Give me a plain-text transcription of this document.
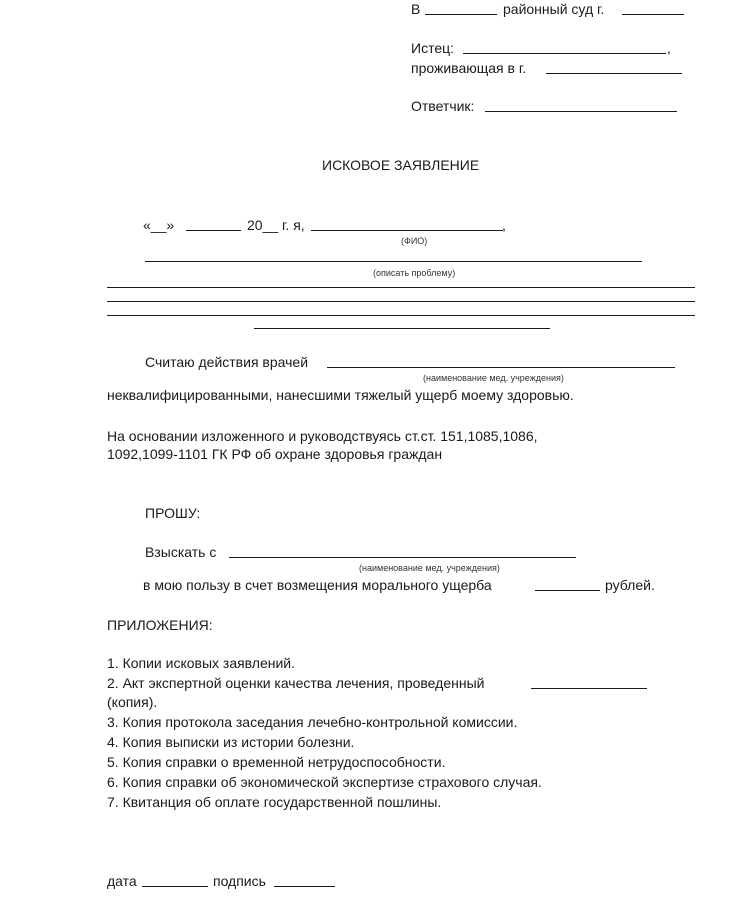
В	районный суд г.
Истец:	,
проживающая в г.
Ответчик:
ИСКОВОЕ ЗАЯВЛЕНИЕ
«__»	20__ г. я,	,
(ФИО)
(описать проблему)
Считаю действия врачей
(наименование мед. учреждения)
неквалифицированными, нанесшими тяжелый ущерб моему здоровью.
На основании изложенного и руководствуясь ст.ст. 151,1085,1086,
1092,1099-1101 ГК РФ об охране здоровья граждан
ПРОШУ:
Взыскать с
(наименование мед. учреждения)
в мою пользу в счет возмещения морального ущерба	рублей.
ПРИЛОЖЕНИЯ:
1. Копии исковых заявлений.
2. Акт экспертной оценки качества лечения, проведенный
(копия).
3. Копия протокола заседания лечебно-контрольной комиссии.
4. Копия выписки из истории болезни.
5. Копия справки о временной нетрудоспособности.
6. Копия справки об экономической экспертизе страхового случая.
7. Квитанция об оплате государственной пошлины.
дата	подпись
